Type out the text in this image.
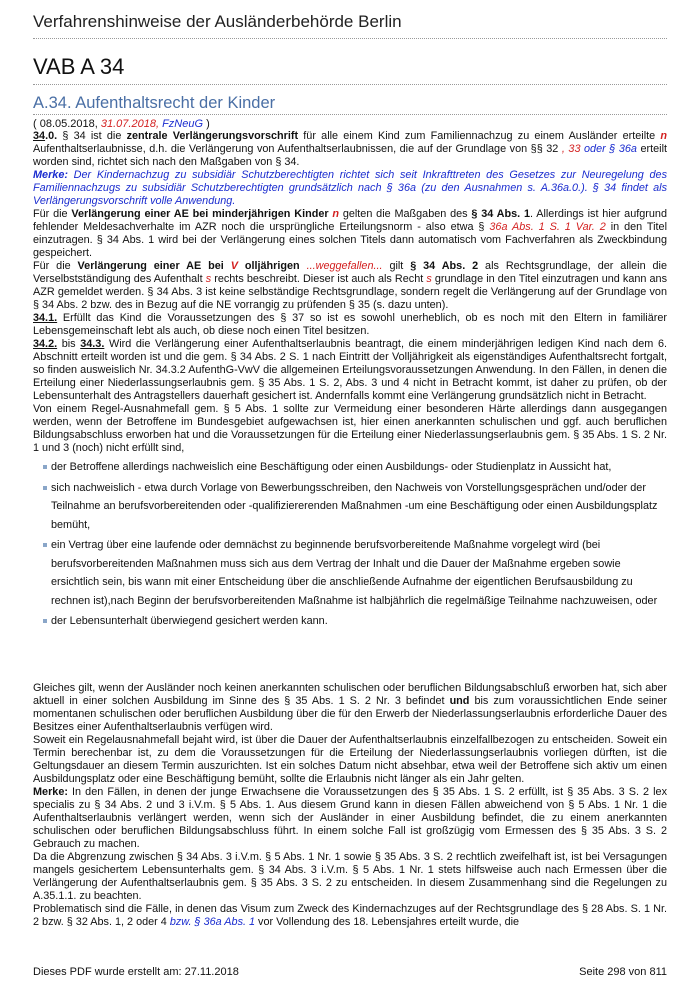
Verfahrenshinweise der Ausländerbehörde Berlin
VAB A 34
A.34. Aufenthaltsrecht der Kinder
( 08.05.2018, 31.07.2018, FzNeuG )

34.0. § 34 ist die zentrale Verlängerungsvorschrift für alle einem Kind zum Familiennachzug zu einem Ausländer erteilte n Aufenthaltserlaubnisse, d.h. die Verlängerung von Aufenthaltserlaubnissen, die auf der Grundlage von §§ 32 , 33 oder § 36a erteilt worden sind, richtet sich nach den Maßgaben von § 34.

Merke: Der Kindernachzug zu subsidiär Schutzberechtigten richtet sich seit Inkrafttreten des Gesetzes zur Neuregelung des Familiennachzugs zu subsidiär Schutzberechtigten grundsätzlich nach § 36a (zu den Ausnahmen s. A.36a.0.). § 34 findet als Verlängerungsvorschrift volle Anwendung.

Für die Verlängerung einer AE bei minderjährigen Kinder n gelten die Maßgaben des § 34 Abs. 1. Allerdings ist hier aufgrund fehlender Meldesachverhalte im AZR noch die ursprüngliche Erteilungsnorm - also etwa § 36a Abs. 1 S. 1 Var. 2 in den Titel einzutragen. § 34 Abs. 1 wird bei der Verlängerung eines solchen Titels dann automatisch vom Fachverfahren als Zweckbindung gespeichert.

Für die Verlängerung einer AE bei V olljährigen ...weggefallen... gilt § 34 Abs. 2 als Rechtsgrundlage, der allein die Verselbstständigung des Aufenthalt s rechts beschreibt. Dieser ist auch als Recht s grundlage in den Titel einzutragen und kann ans AZR gemeldet werden. § 34 Abs. 3 ist keine selbständige Rechtsgrundlage, sondern regelt die Verlängerung auf der Grundlage von § 34 Abs. 2 bzw. des in Bezug auf die NE vorrangig zu prüfenden § 35 (s. dazu unten).

34.1. Erfüllt das Kind die Voraussetzungen des § 37 so ist es sowohl unerheblich, ob es noch mit den Eltern in familiärer Lebensgemeinschaft lebt als auch, ob diese noch einen Titel besitzen.

34.2. bis 34.3. Wird die Verlängerung einer Aufenthaltserlaubnis beantragt, die einem minderjährigen ledigen Kind nach dem 6. Abschnitt erteilt worden ist und die gem. § 34 Abs. 2 S. 1 nach Eintritt der Volljährigkeit als eigenständiges Aufenthaltsrecht fortgalt, so finden ausweislich Nr. 34.3.2 AufenthG-VwV die allgemeinen Erteilungsvoraussetzungen Anwendung. In den Fällen, in denen die Erteilung einer Niederlassungserlaubnis gem. § 35 Abs. 1 S. 2, Abs. 3 und 4 nicht in Betracht kommt, ist daher zu prüfen, ob der Lebensunterhalt des Antragstellers dauerhaft gesichert ist. Andernfalls kommt eine Verlängerung grundsätzlich nicht in Betracht.

Von einem Regel-Ausnahmefall gem. § 5 Abs. 1 sollte zur Vermeidung einer besonderen Härte allerdings dann ausgegangen werden, wenn der Betroffene im Bundesgebiet aufgewachsen ist, hier einen anerkannten schulischen und ggf. auch beruflichen Bildungsabschluss erworben hat und die Voraussetzungen für die Erteilung einer Niederlassungserlaubnis gem. § 35 Abs. 1 S. 2 Nr. 1 und 3 (noch) nicht erfüllt sind,

der Betroffene allerdings nachweislich eine Beschäftigung oder einen Ausbildungs- oder Studienplatz in Aussicht hat,
sich nachweislich - etwa durch Vorlage von Bewerbungsschreiben, den Nachweis von Vorstellungsgesprächen und/oder der Teilnahme an berufsvorbereitenden oder -qualifiziererenden Maßnahmen -um eine Beschäftigung oder einen Ausbildungsplatz bemüht,
ein Vertrag über eine laufende oder demnächst zu beginnende berufsvorbereitende Maßnahme vorgelegt wird (bei berufsvorbereitenden Maßnahmen muss sich aus dem Vertrag der Inhalt und die Dauer der Maßnahme ergeben sowie ersichtlich sein, bis wann mit einer Entscheidung über die anschließende Aufnahme der eigentlichen Berufsausbildung zu rechnen ist),nach Beginn der berufsvorbereitenden Maßnahme ist halbjährlich die regelmäßige Teilnahme nachzuweisen, oder
der Lebensunterhalt überwiegend gesichert werden kann.

Gleiches gilt, wenn der Ausländer noch keinen anerkannten schulischen oder beruflichen Bildungsabschluß erworben hat, sich aber aktuell in einer solchen Ausbildung im Sinne des § 35 Abs. 1 S. 2 Nr. 3 befindet und bis zum voraussichtlichen Ende seiner momentanen schulischen oder beruflichen Ausbildung über die für den Erwerb der Niederlassungserlaubnis erforderliche Dauer des Besitzes einer Aufenthaltserlaubnis verfügen wird.

Soweit ein Regelausnahmefall bejaht wird, ist über die Dauer der Aufenthaltserlaubnis einzelfallbezogen zu entscheiden. Soweit ein Termin berechenbar ist, zu dem die Voraussetzungen für die Erteilung der Niederlassungserlaubnis vorliegen dürften, ist die Geltungsdauer an diesem Termin auszurichten. Ist ein solches Datum nicht absehbar, etwa weil der Betroffene sich aktiv um einen Ausbildungsplatz oder eine Beschäftigung bemüht, sollte die Erlaubnis nicht länger als ein Jahr gelten.

Merke: In den Fällen, in denen der junge Erwachsene die Voraussetzungen des § 35 Abs. 1 S. 2 erfüllt, ist § 35 Abs. 3 S. 2 lex specialis zu § 34 Abs. 2 und 3 i.V.m. § 5 Abs. 1. Aus diesem Grund kann in diesen Fällen abweichend von § 5 Abs. 1 Nr. 1 die Aufenthaltserlaubnis verlängert werden, wenn sich der Ausländer in einer Ausbildung befindet, die zu einem anerkannten schulischen oder beruflichen Bildungsabschluss führt. In einem solche Fall ist großzügig vom Ermessen des § 35 Abs. 3 S. 2 Gebrauch zu machen.

Da die Abgrenzung zwischen § 34 Abs. 3 i.V.m. § 5 Abs. 1 Nr. 1 sowie § 35 Abs. 3 S. 2 rechtlich zweifelhaft ist, ist bei Versagungen mangels gesichertem Lebensunterhalts gem. § 34 Abs. 3 i.V.m. § 5 Abs. 1 Nr. 1 stets hilfsweise auch nach Ermessen über die Verlängerung der Aufenthaltserlaubnis gem. § 35 Abs. 3 S. 2 zu entscheiden. In diesem Zusammenhang sind die Regelungen zu A.35.1.1. zu beachten.

Problematisch sind die Fälle, in denen das Visum zum Zweck des Kindernachzuges auf der Rechtsgrundlage des § 28 Abs. S. 1 Nr. 2 bzw. § 32 Abs. 1, 2 oder 4 bzw. § 36a Abs. 1 vor Vollendung des 18. Lebensjahres erteilt wurde, die

Dieses PDF wurde erstellt am: 27.11.2018	Seite 298 von 811
